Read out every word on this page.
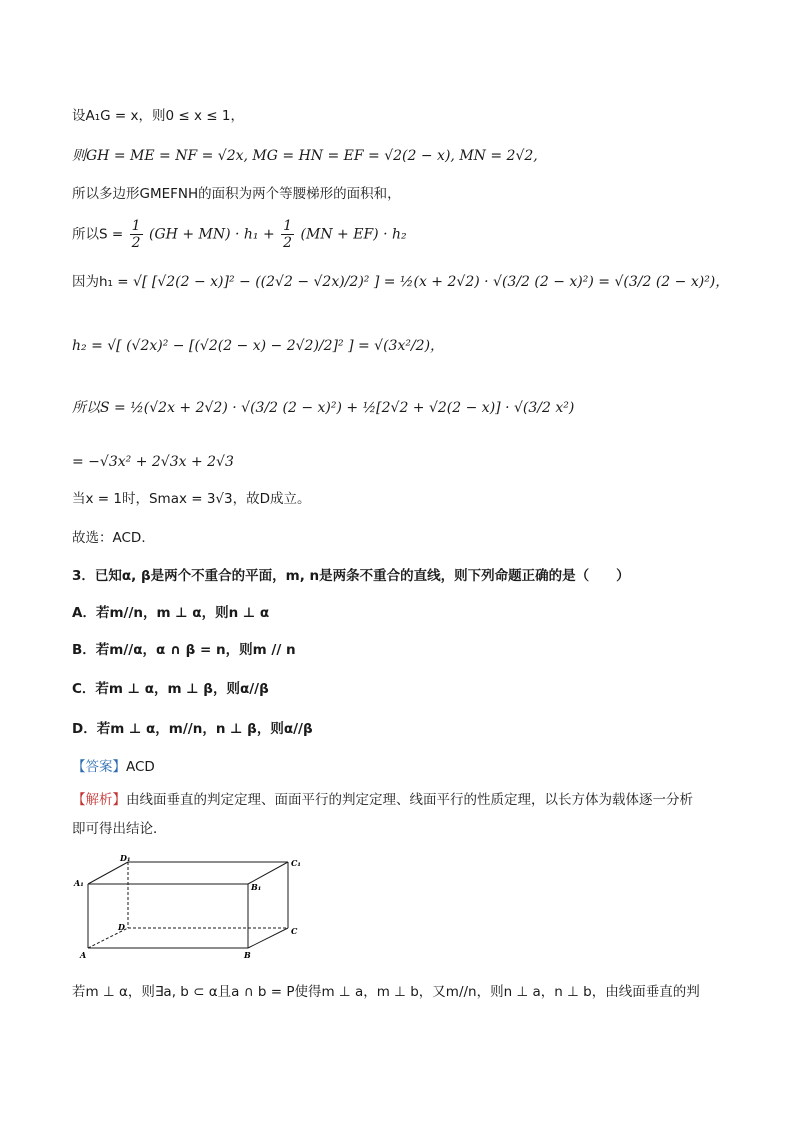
设A₁G = x，则0 ≤ x ≤ 1，
则GH = ME = NF = √2x, MG = HN = EF = √2(2 − x), MN = 2√2,
所以多边形GMEFNH的面积为两个等腰梯形的面积和，
所以$S = \frac{1}{2} (GH + MN) \cdot h_1 + \frac{1}{2} (MN + EF) \cdot h_2$
因为h₁ = √[ [√2(2 − x)]² − ((2√2 − √2x)/2)² ] = ½(x + 2√2) · √(3/2 (2 − x)²) = √(3/2 (2 − x)²)，
h₂ = √[ (√2x)² − [(√2(2 − x) − 2√2)/2]² ] = √(3x²/2)，
所以S = ½(√2x + 2√2) · √(3/2 (2 − x)²) + ½[2√2 + √2(2 − x)] · √(3/2 x²)
= −√3x² + 2√3x + 2√3
当x = 1时，Smax = 3√3，故D成立。
故选：ACD．
3．已知α, β是两个不重合的平面，m, n是两条不重合的直线，则下列命题正确的是（　　）
A．若m//n，m ⊥ α，则n ⊥ α
B．若m//α，α ∩ β = n，则m // n
C．若m ⊥ α，m ⊥ β，则α//β
D．若m ⊥ α，m//n，n ⊥ β，则α//β
【答案】ACD
【解析】由线面垂直的判定定理、面面平行的判定定理、线面平行的性质定理，以长方体为载体逐一分析
即可得出结论．
D₁	C₁
A₁	B₁
D	C
A	B
若m ⊥ α，则∃a, b ⊂ α且a ∩ b = P使得m ⊥ a，m ⊥ b，又m//n，则n ⊥ a，n ⊥ b，由线面垂直的判
